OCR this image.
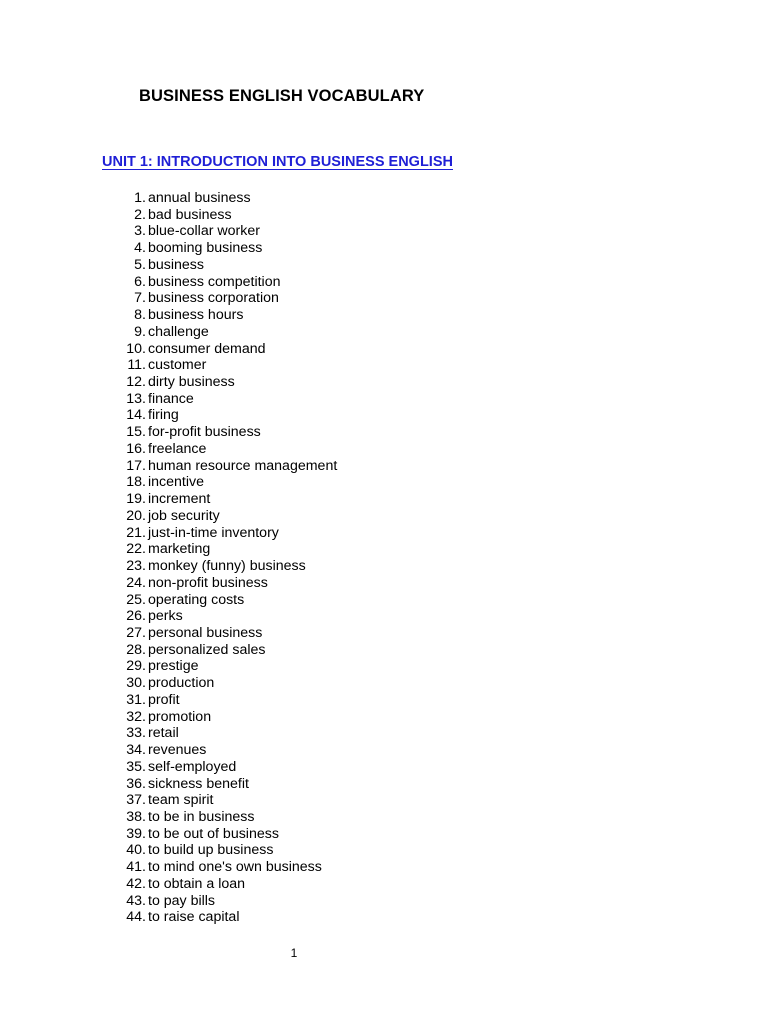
BUSINESS ENGLISH VOCABULARY
UNIT 1: INTRODUCTION INTO BUSINESS ENGLISH
1. annual business
2. bad business
3. blue-collar worker
4. booming business
5. business
6. business competition
7. business corporation
8. business hours
9. challenge
10. consumer demand
11. customer
12. dirty business
13. finance
14. firing
15. for-profit business
16. freelance
17. human resource management
18. incentive
19. increment
20. job security
21. just-in-time inventory
22. marketing
23. monkey (funny) business
24. non-profit business
25. operating costs
26. perks
27. personal business
28. personalized sales
29. prestige
30. production
31. profit
32. promotion
33. retail
34. revenues
35. self-employed
36. sickness benefit
37. team spirit
38. to be in business
39. to be out of business
40. to build up business
41. to mind one's own business
42. to obtain a loan
43. to pay bills
44. to raise capital
1
